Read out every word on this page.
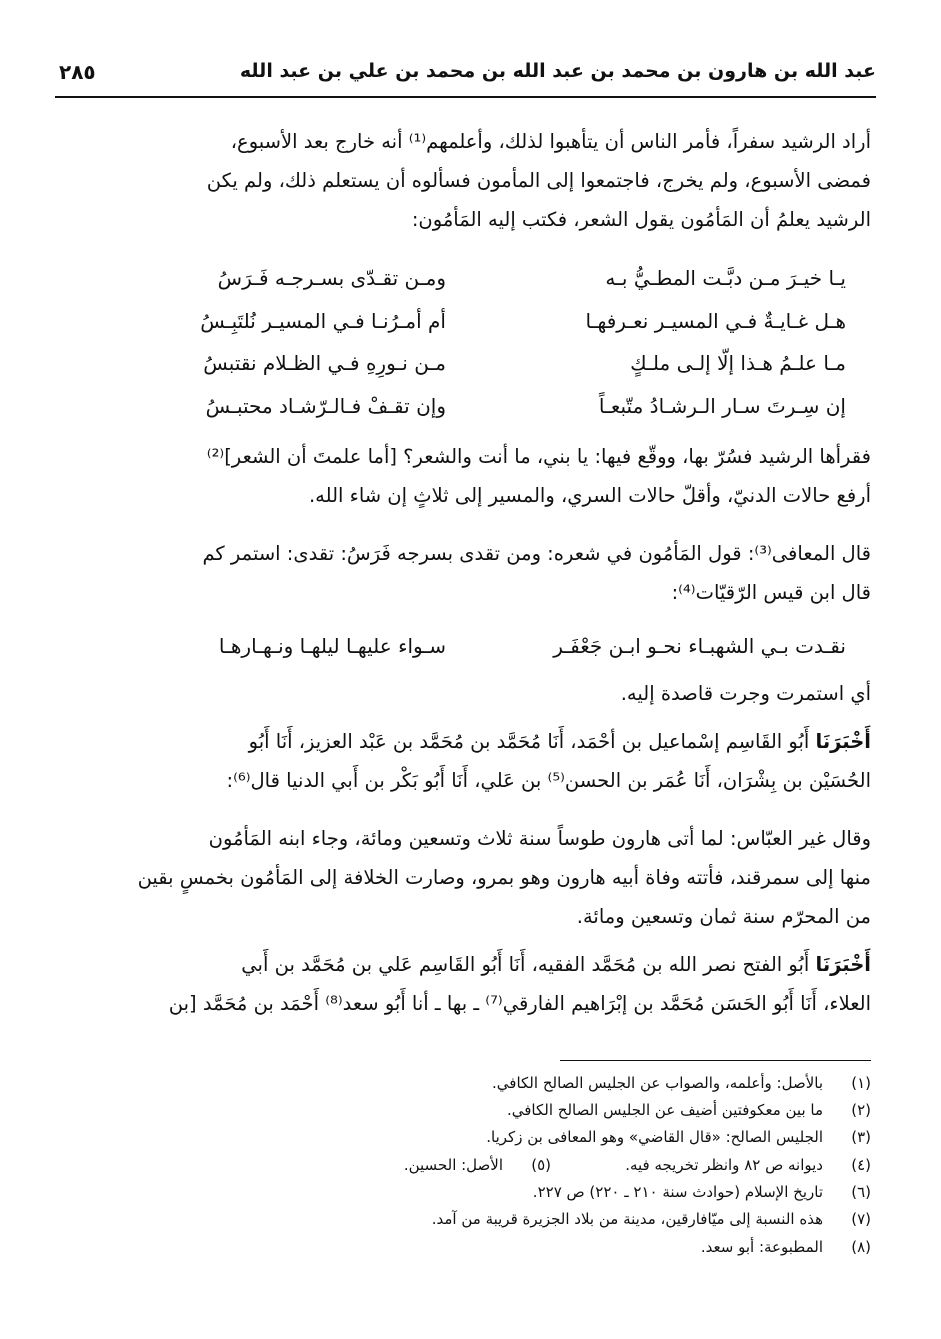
عبد الله بن هارون بن محمد بن عبد الله بن محمد بن علي بن عبد الله
٢٨٥
أراد الرشيد سفراً، فأمر الناس أن يتأهبوا لذلك، وأعلمهم⁽¹⁾ أنه خارج بعد الأسبوع،
فمضى الأسبوع، ولم يخرج، فاجتمعوا إلى المأمون فسألوه أن يستعلم ذلك، ولم يكن
الرشيد يعلمُ أن المَأمُون يقول الشعر، فكتب إليه المَأمُون:
يـا خيـرَ مـن دبَّـت المطـيُّ بـه
ومـن تقـدّى بسـرجـه فَـرَسُ
هـل غـايـةٌ فـي المسيـر نعـرفهـا
أم أمـرُنـا فـي المسيـر نُلتَبِـسُ
مـا علـمُ هـذا إلّا إلـى ملـكٍ
مـن نـورِهِ فـي الظـلام نقتبسُ
إن سِـرتَ سـار الـرشـادُ متّبعـاً
وإن تقـفْ فـالـرّشـاد محتبـسُ
فقرأها الرشيد فسُرّ بها، ووقّع فيها: يا بني، ما أنت والشعر؟ [أما علمتَ أن الشعر]⁽²⁾
أرفع حالات الدنيّ، وأقلّ حالات السري، والمسير إلى ثلاثٍ إن شاء الله.
قال المعافى⁽³⁾: قول المَأمُون في شعره: ومن تقدى بسرجه فَرَسُ: تقدى: استمر كم
قال ابن قيس الرّقيّات⁽⁴⁾:
نقـدت بـي الشهبـاء نحـو ابـن جَعْفَـر
سـواء عليهـا ليلهـا ونـهـارهـا
أي استمرت وجرت قاصدة إليه.
أَخْبَرَنَا أَبُو القَاسِم إسْماعيل بن أحْمَد، أَنَا مُحَمَّد بن مُحَمَّد بن عَبْد العزيز، أَنَا أَبُو
الحُسَيْن بن بِشْرَان، أَنَا عُمَر بن الحسن⁽⁵⁾ بن عَلي، أَنَا أَبُو بَكْر بن أَبي الدنيا قال⁽⁶⁾:
وقال غير العبّاس: لما أتى هارون طوساً سنة ثلاث وتسعين ومائة، وجاء ابنه المَأمُون
منها إلى سمرقند، فأتته وفاة أبيه هارون وهو بمرو، وصارت الخلافة إلى المَأمُون بخمسٍ بقين
من المحرّم سنة ثمان وتسعين ومائة.
أَخْبَرَنَا أَبُو الفتح نصر الله بن مُحَمَّد الفقيه، أَنَا أَبُو القَاسِم عَلي بن مُحَمَّد بن أَبي
العلاء، أَنَا أَبُو الحَسَن مُحَمَّد بن إبْرَاهيم الفارقي⁽⁷⁾ ـ بها ـ أنا أَبُو سعد⁽⁸⁾ أَحْمَد بن مُحَمَّد [بن
(١)بالأصل: وأعلمه، والصواب عن الجليس الصالح الكافي.
(٢)ما بين معكوفتين أضيف عن الجليس الصالح الكافي.
(٣)الجليس الصالح: «قال القاضي» وهو المعافى بن زكريا.
(٤)ديوانه ص ٨٢ وانظر تخريجه فيه.
(٥)الأصل: الحسين.
(٦)تاريخ الإسلام (حوادث سنة ٢١٠ ـ ٢٢٠) ص ٢٢٧.
(٧)هذه النسبة إلى ميّافارقين، مدينة من بلاد الجزيرة قريبة من آمد.
(٨)المطبوعة: أبو سعد.
